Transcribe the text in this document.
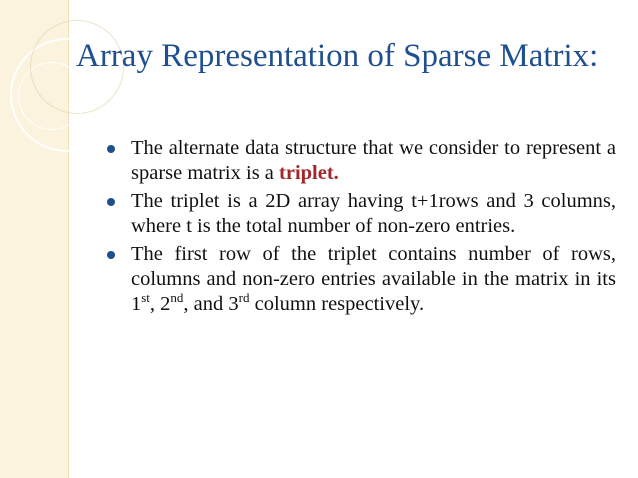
Array Representation of Sparse Matrix:
The alternate data structure that we consider to represent a sparse matrix is a triplet.
The triplet is a 2D array having t+1rows and 3 columns, where t is the total number of non-zero entries.
The first row of the triplet contains number of rows, columns and non-zero entries available in the matrix in its 1st, 2nd, and 3rd column respectively.
